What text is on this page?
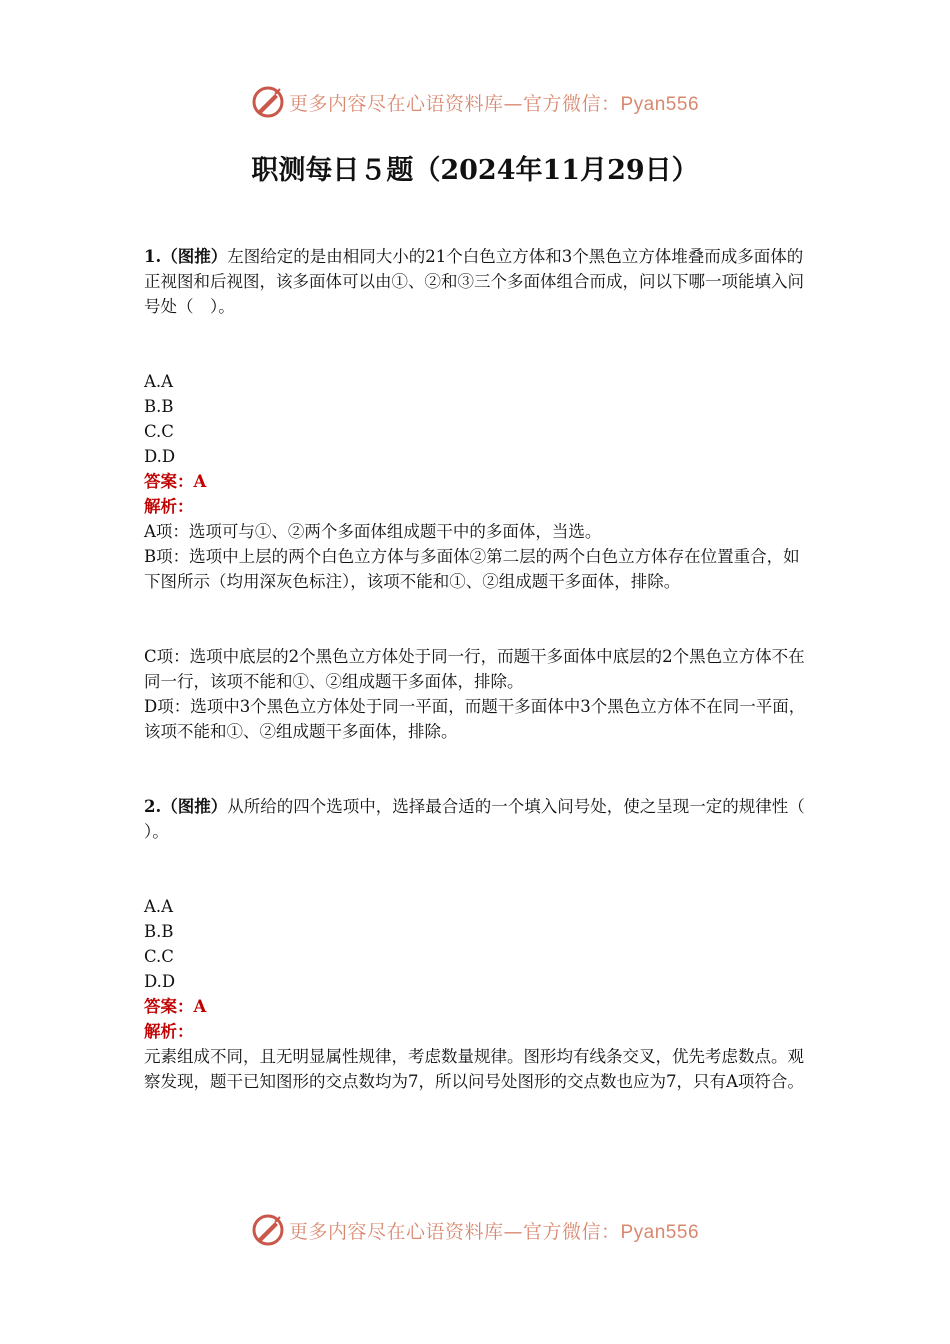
更多内容尽在心语资料库—官方微信：Pyan556
职测每日５题（2024年11月29日）

1.（图推）左图给定的是由相同大小的21个白色立方体和3个黑色立方体堆叠而成多面体的正视图和后视图，该多面体可以由①、②和③三个多面体组合而成，问以下哪一项能填入问号处（　）。

A.A

B.B

C.C

D.D

答案：A

解析：

A项：选项可与①、②两个多面体组成题干中的多面体，当选。

B项：选项中上层的两个白色立方体与多面体②第二层的两个白色立方体存在位置重合，如下图所示（均用深灰色标注），该项不能和①、②组成题干多面体，排除。

C项：选项中底层的2个黑色立方体处于同一行，而题干多面体中底层的2个黑色立方体不在同一行，该项不能和①、②组成题干多面体，排除。

D项：选项中3个黑色立方体处于同一平面，而题干多面体中3个黑色立方体不在同一平面，该项不能和①、②组成题干多面体，排除。

2.（图推）从所给的四个选项中，选择最合适的一个填入问号处，使之呈现一定的规律性（ ）。

A.A

B.B

C.C

D.D

答案：A

解析：

元素组成不同，且无明显属性规律，考虑数量规律。图形均有线条交叉，优先考虑数点。观察发现，题干已知图形的交点数均为7，所以问号处图形的交点数也应为7，只有A项符合。

更多内容尽在心语资料库—官方微信：Pyan556
